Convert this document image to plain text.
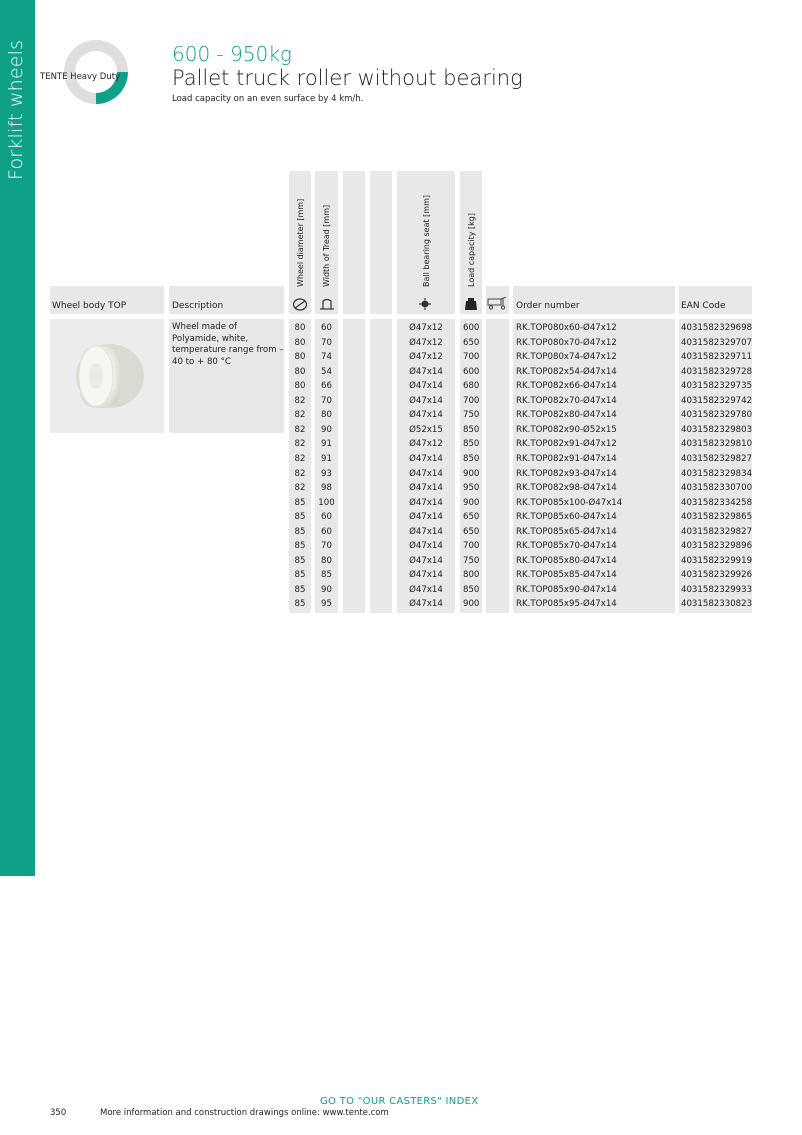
Forklift wheels TENTE Heavy Duty
600 - 950kg
Pallet truck roller without bearing
Load capacity on an even surface by 4 km/h.
Wheel body TOP	Description	Order number	EAN Code
Wheel diameter [mm] Width of Tread [mm]	Ball bearing seat [mm]	Load capacity [kg]
Wheel made of Polyamide, white, temperature range from – 40 to + 80 °C
80	60	Ø47x12	600	RK.TOP080x60-Ø47x12	4031582329698
80	70	Ø47x12	650	RK.TOP080x70-Ø47x12	4031582329707
80	74	Ø47x12	700	RK.TOP080x74-Ø47x12	4031582329711
80	54	Ø47x14	600	RK.TOP082x54-Ø47x14	4031582329728
80	66	Ø47x14	680	RK.TOP082x66-Ø47x14	4031582329735
82	70	Ø47x14	700	RK.TOP082x70-Ø47x14	4031582329742
82	80	Ø47x14	750	RK.TOP082x80-Ø47x14	4031582329780
82	90	Ø52x15	850	RK.TOP082x90-Ø52x15	4031582329803
82	91	Ø47x12	850	RK.TOP082x91-Ø47x12	4031582329810
82	91	Ø47x14	850	RK.TOP082x91-Ø47x14	4031582329827
82	93	Ø47x14	900	RK.TOP082x93-Ø47x14	4031582329834
82	98	Ø47x14	950	RK.TOP082x98-Ø47x14	4031582330700
85	100	Ø47x14	900	RK.TOP085x100-Ø47x14	4031582334258
85	60	Ø47x14	650	RK.TOP085x60-Ø47x14	4031582329865
85	60	Ø47x14	650	RK.TOP085x65-Ø47x14	4031582329827
85	70	Ø47x14	700	RK.TOP085x70-Ø47x14	4031582329896
85	80	Ø47x14	750	RK.TOP085x80-Ø47x14	4031582329919
85	85	Ø47x14	800	RK.TOP085x85-Ø47x14	4031582329926
85	90	Ø47x14	850	RK.TOP085x90-Ø47x14	4031582329933
85	95	Ø47x14	900	RK.TOP085x95-Ø47x14	4031582330823
GO TO "OUR CASTERS" INDEX
350	More information and construction drawings online: www.tente.com
